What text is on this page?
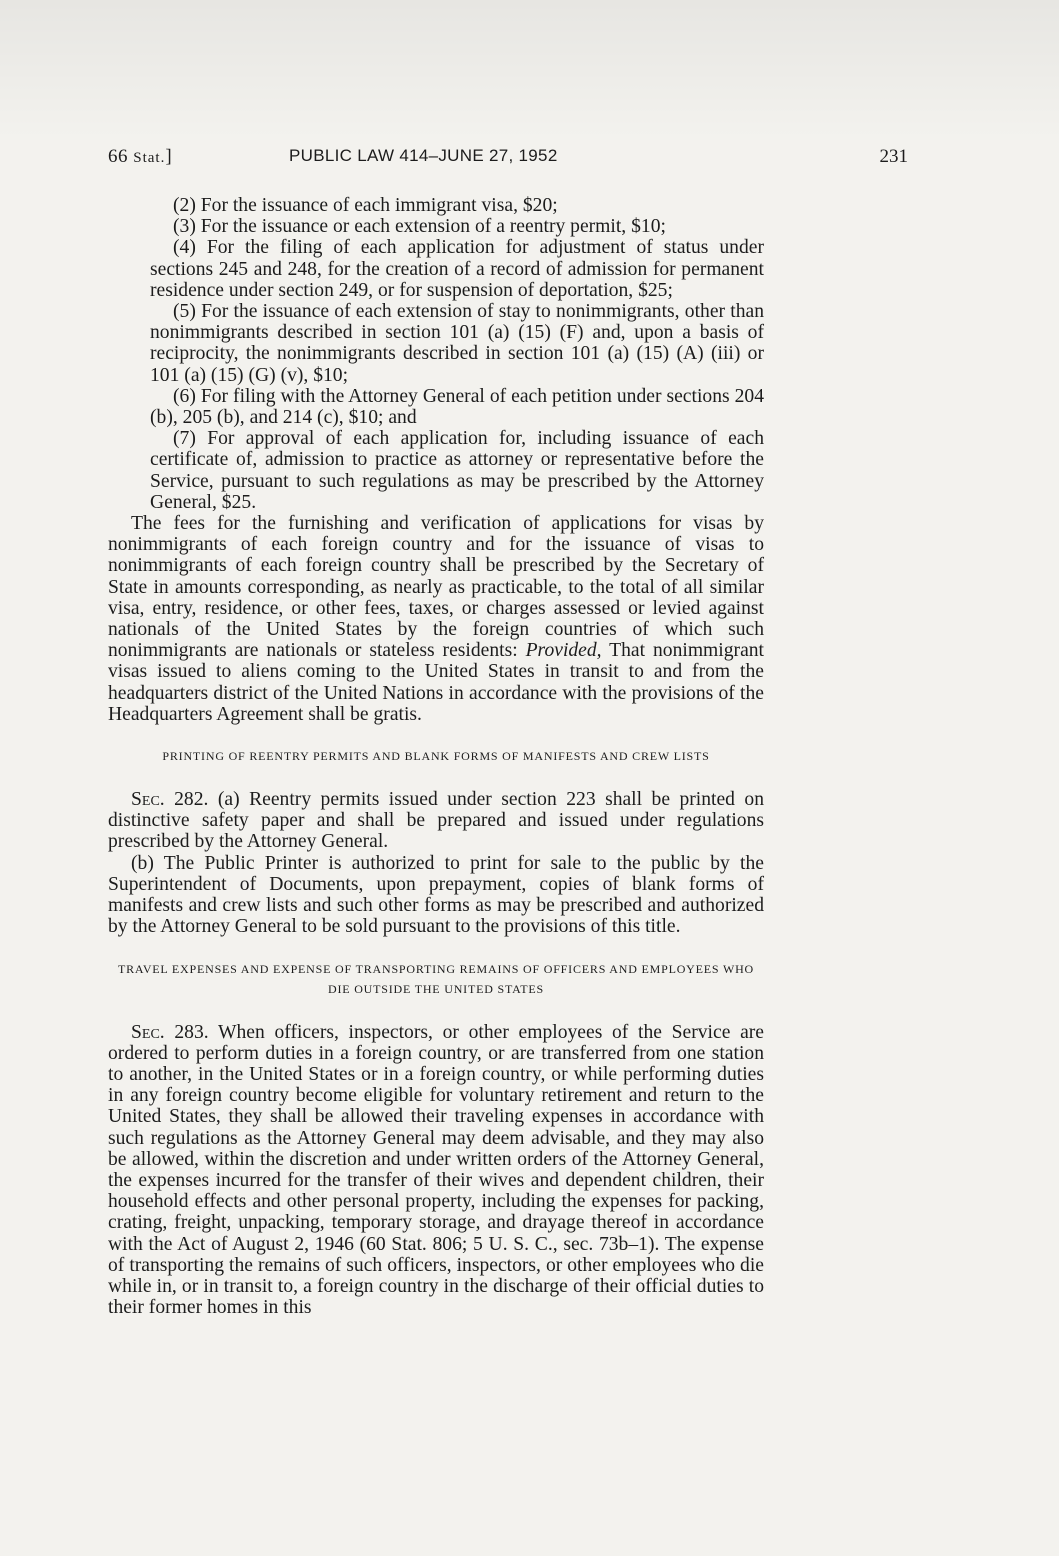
66 Stat.]	PUBLIC LAW 414–JUNE 27, 1952	231

(2) For the issuance of each immigrant visa, $20;

(3) For the issuance or each extension of a reentry permit, $10;

(4) For the filing of each application for adjustment of status under sections 245 and 248, for the creation of a record of admission for permanent residence under section 249, or for suspension of deportation, $25;

(5) For the issuance of each extension of stay to nonimmigrants, other than nonimmigrants described in section 101 (a) (15) (F) and, upon a basis of reciprocity, the nonimmigrants described in section 101 (a) (15) (A) (iii) or 101 (a) (15) (G) (v), $10;

(6) For filing with the Attorney General of each petition under sections 204 (b), 205 (b), and 214 (c), $10; and

(7) For approval of each application for, including issuance of each certificate of, admission to practice as attorney or representative before the Service, pursuant to such regulations as may be prescribed by the Attorney General, $25.

The fees for the furnishing and verification of applications for visas by nonimmigrants of each foreign country and for the issuance of visas to nonimmigrants of each foreign country shall be prescribed by the Secretary of State in amounts corresponding, as nearly as practicable, to the total of all similar visa, entry, residence, or other fees, taxes, or charges assessed or levied against nationals of the United States by the foreign countries of which such nonimmigrants are nationals or stateless residents: Provided, That nonimmigrant visas issued to aliens coming to the United States in transit to and from the headquarters district of the United Nations in accordance with the provisions of the Headquarters Agreement shall be gratis.

PRINTING OF REENTRY PERMITS AND BLANK FORMS OF MANIFESTS AND CREW LISTS

Sec. 282. (a) Reentry permits issued under section 223 shall be printed on distinctive safety paper and shall be prepared and issued under regulations prescribed by the Attorney General.

(b) The Public Printer is authorized to print for sale to the public by the Superintendent of Documents, upon prepayment, copies of blank forms of manifests and crew lists and such other forms as may be prescribed and authorized by the Attorney General to be sold pursuant to the provisions of this title.

TRAVEL EXPENSES AND EXPENSE OF TRANSPORTING REMAINS OF OFFICERS AND EMPLOYEES WHO DIE OUTSIDE THE UNITED STATES

Sec. 283. When officers, inspectors, or other employees of the Service are ordered to perform duties in a foreign country, or are transferred from one station to another, in the United States or in a foreign country, or while performing duties in any foreign country become eligible for voluntary retirement and return to the United States, they shall be allowed their traveling expenses in accordance with such regulations as the Attorney General may deem advisable, and they may also be allowed, within the discretion and under written orders of the Attorney General, the expenses incurred for the transfer of their wives and dependent children, their household effects and other personal property, including the expenses for packing, crating, freight, unpacking, temporary storage, and drayage thereof in accordance with the Act of August 2, 1946 (60 Stat. 806; 5 U. S. C., sec. 73b–1). The expense of transporting the remains of such officers, inspectors, or other employees who die while in, or in transit to, a foreign country in the discharge of their official duties to their former homes in this
